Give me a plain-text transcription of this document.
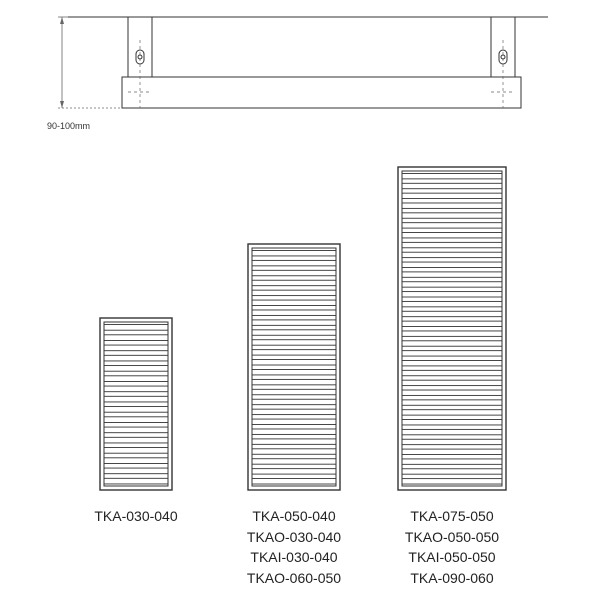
90-100mm
TKA-030-040	TKA-050-040
TKAO-030-040
TKAI-030-040
TKAO-060-050
TKA-075-050
TKAO-050-050
TKAI-050-050
TKA-090-060
